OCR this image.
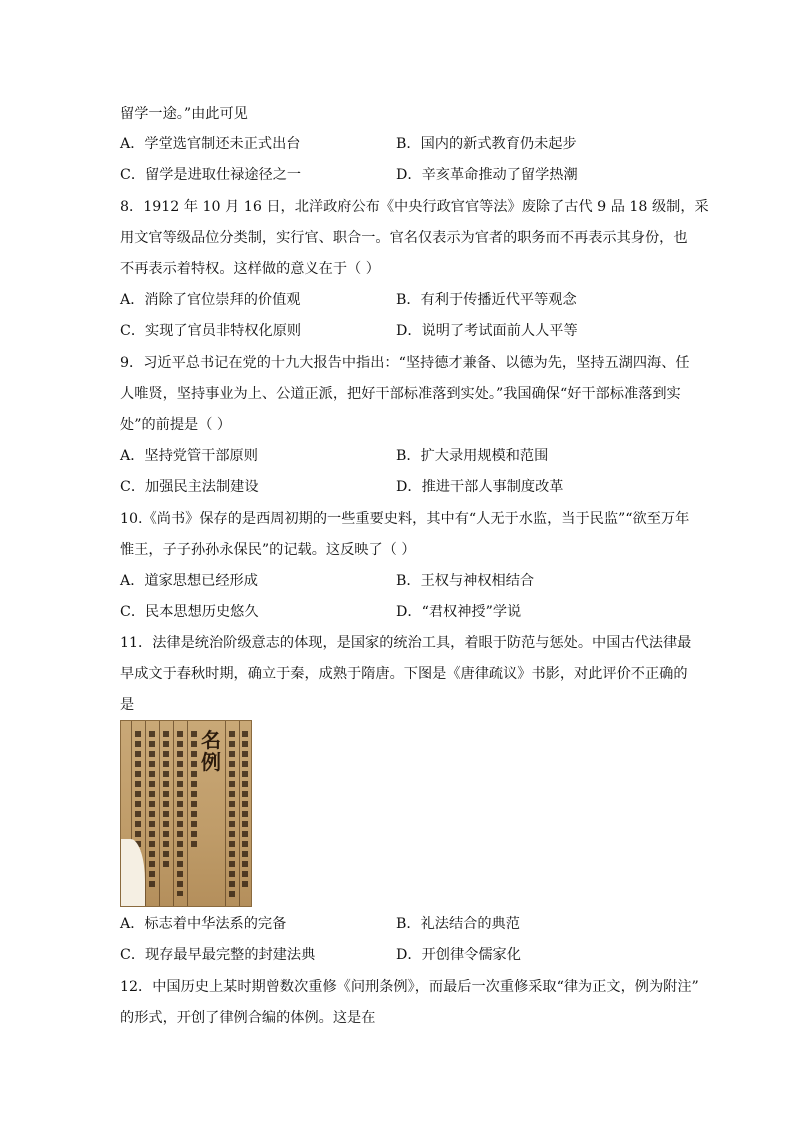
留学一途。”由此可见
A．学堂选官制还未正式出台	B．国内的新式教育仍未起步
C．留学是进取仕禄途径之一	D．辛亥革命推动了留学热潮
8．1912 年 10 月 16 日，北洋政府公布《中央行政官官等法》废除了古代 9 品 18 级制，采
用文官等级品位分类制，实行官、职合一。官名仅表示为官者的职务而不再表示其身份，也
不再表示着特权。这样做的意义在于（ ）
A．消除了官位崇拜的价值观	B．有利于传播近代平等观念
C．实现了官员非特权化原则	D．说明了考试面前人人平等
9．习近平总书记在党的十九大报告中指出：“坚持德才兼备、以德为先，坚持五湖四海、任
人唯贤，坚持事业为上、公道正派，把好干部标准落到实处。”我国确保“好干部标准落到实
处”的前提是（ ）
A．坚持党管干部原则	B．扩大录用规模和范围
C．加强民主法制建设	D．推进干部人事制度改革
10.《尚书》保存的是西周初期的一些重要史料，其中有“人无于水监，当于民监”“欲至万年
惟王，子子孙孙永保民”的记载。这反映了（ ）
A．道家思想已经形成	B．王权与神权相结合
C．民本思想历史悠久	D．“君权神授”学说
11．法律是统治阶级意志的体现，是国家的统治工具，着眼于防范与惩处。中国古代法律最
早成文于春秋时期，确立于秦，成熟于隋唐。下图是《唐律疏议》书影，对此评价不正确的
是
名例
A．标志着中华法系的完备	B．礼法结合的典范
C．现存最早最完整的封建法典	D．开创律令儒家化
12．中国历史上某时期曾数次重修《问刑条例》，而最后一次重修采取“律为正文，例为附注”
的形式，开创了律例合编的体例。这是在
